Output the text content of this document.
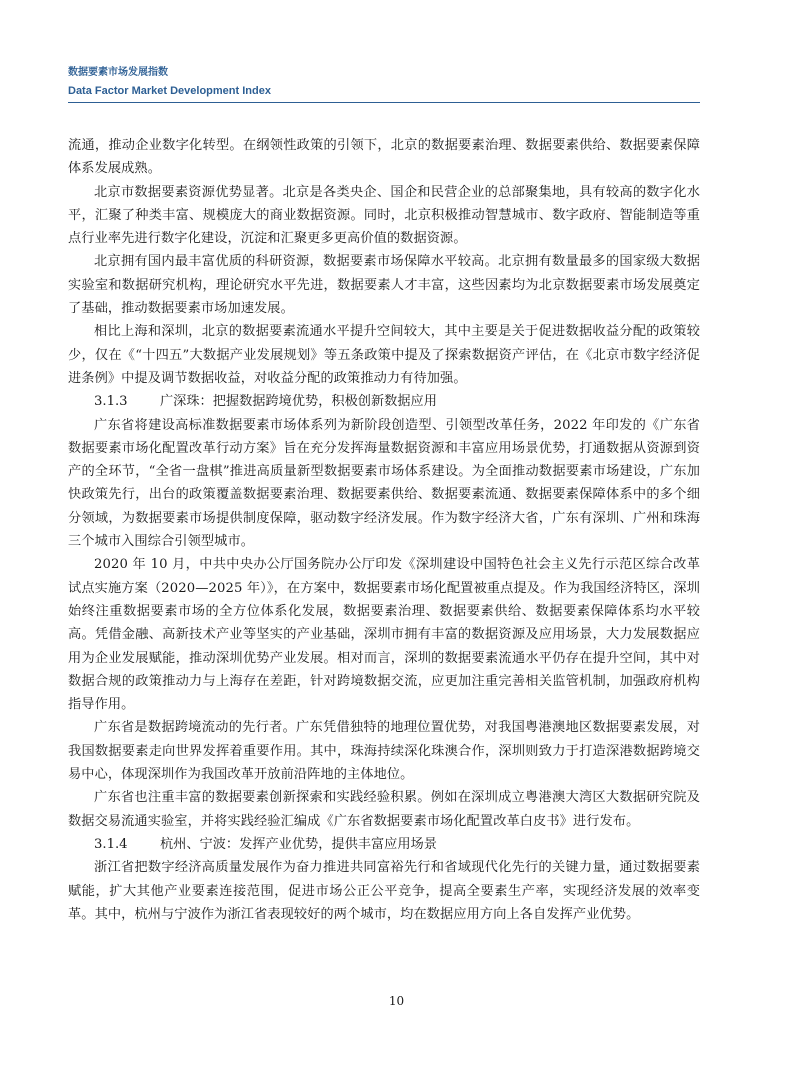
数据要素市场发展指数
Data Factor Market Development Index

流通，推动企业数字化转型。在纲领性政策的引领下，北京的数据要素治理、数据要素供给、数据要素保障体系发展成熟。

北京市数据要素资源优势显著。北京是各类央企、国企和民营企业的总部聚集地，具有较高的数字化水平，汇聚了种类丰富、规模庞大的商业数据资源。同时，北京积极推动智慧城市、数字政府、智能制造等重点行业率先进行数字化建设，沉淀和汇聚更多更高价值的数据资源。

北京拥有国内最丰富优质的科研资源，数据要素市场保障水平较高。北京拥有数量最多的国家级大数据实验室和数据研究机构，理论研究水平先进，数据要素人才丰富，这些因素均为北京数据要素市场发展奠定了基础，推动数据要素市场加速发展。

相比上海和深圳，北京的数据要素流通水平提升空间较大，其中主要是关于促进数据收益分配的政策较少，仅在《“十四五”大数据产业发展规划》等五条政策中提及了探索数据资产评估，在《北京市数字经济促进条例》中提及调节数据收益，对收益分配的政策推动力有待加强。

3.1.3 广深珠：把握数据跨境优势，积极创新数据应用

广东省将建设高标准数据要素市场体系列为新阶段创造型、引领型改革任务，2022 年印发的《广东省数据要素市场化配置改革行动方案》旨在充分发挥海量数据资源和丰富应用场景优势，打通数据从资源到资产的全环节，“全省一盘棋”推进高质量新型数据要素市场体系建设。为全面推动数据要素市场建设，广东加快政策先行，出台的政策覆盖数据要素治理、数据要素供给、数据要素流通、数据要素保障体系中的多个细分领域，为数据要素市场提供制度保障，驱动数字经济发展。作为数字经济大省，广东有深圳、广州和珠海三个城市入围综合引领型城市。

2020 年 10 月，中共中央办公厅国务院办公厅印发《深圳建设中国特色社会主义先行示范区综合改革试点实施方案（2020—2025 年）》，在方案中，数据要素市场化配置被重点提及。作为我国经济特区，深圳始终注重数据要素市场的全方位体系化发展，数据要素治理、数据要素供给、数据要素保障体系均水平较高。凭借金融、高新技术产业等坚实的产业基础，深圳市拥有丰富的数据资源及应用场景，大力发展数据应用为企业发展赋能，推动深圳优势产业发展。相对而言，深圳的数据要素流通水平仍存在提升空间，其中对数据合规的政策推动力与上海存在差距，针对跨境数据交流，应更加注重完善相关监管机制，加强政府机构指导作用。

广东省是数据跨境流动的先行者。广东凭借独特的地理位置优势，对我国粤港澳地区数据要素发展，对我国数据要素走向世界发挥着重要作用。其中，珠海持续深化珠澳合作，深圳则致力于打造深港数据跨境交易中心，体现深圳作为我国改革开放前沿阵地的主体地位。

广东省也注重丰富的数据要素创新探索和实践经验积累。例如在深圳成立粤港澳大湾区大数据研究院及数据交易流通实验室，并将实践经验汇编成《广东省数据要素市场化配置改革白皮书》进行发布。

3.1.4 杭州、宁波：发挥产业优势，提供丰富应用场景

浙江省把数字经济高质量发展作为奋力推进共同富裕先行和省域现代化先行的关键力量，通过数据要素赋能，扩大其他产业要素连接范围，促进市场公正公平竞争，提高全要素生产率，实现经济发展的效率变革。其中，杭州与宁波作为浙江省表现较好的两个城市，均在数据应用方向上各自发挥产业优势。

10
